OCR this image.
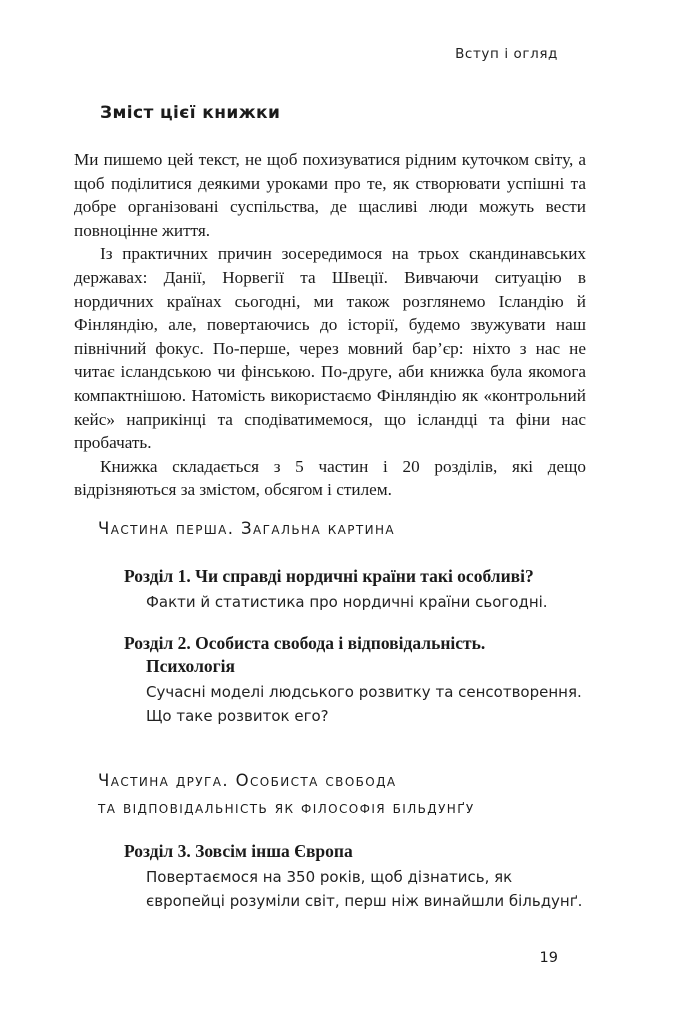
Вступ і огляд
Зміст цієї книжки

Ми пишемо цей текст, не щоб похизуватися рідним куточком світу, а щоб поділитися деякими уроками про те, як створювати успішні та добре організовані суспільства, де щасливі люди можуть вести повноцінне життя.

Із практичних причин зосередимося на трьох скандинавських державах: Данії, Норвегії та Швеції. Вивчаючи ситуацію в нордичних країнах сьогодні, ми також розглянемо Ісландію й Фінляндію, але, повертаючись до історії, будемо звужувати наш північний фокус. По-перше, через мовний бар’єр: ніхто з нас не читає ісландською чи фінською. По-друге, аби книжка була якомога компактнішою. Натомість використаємо Фінляндію як «контрольний кейс» наприкінці та сподіватимемося, що ісландці та фіни нас пробачать.

Книжка складається з 5 частин і 20 розділів, які дещо відрізняються за змістом, обсягом і стилем.

Частина перша. Загальна картина
Розділ 1. Чи справді нордичні країни такі особливі?
Факти й статистика про нордичні країни сьогодні.
Розділ 2. Особиста свобода і відповідальність.
Психологія
Сучасні моделі людського розвитку та сенсотворення. Що таке розвиток его?
Частина друга. Особиста свобода
та відповідальність як філософія більдунґу
Розділ 3. Зовсім інша Європа
Повертаємося на 350 років, щоб дізнатись, як європейці розуміли світ, перш ніж винайшли більдунґ.
19
